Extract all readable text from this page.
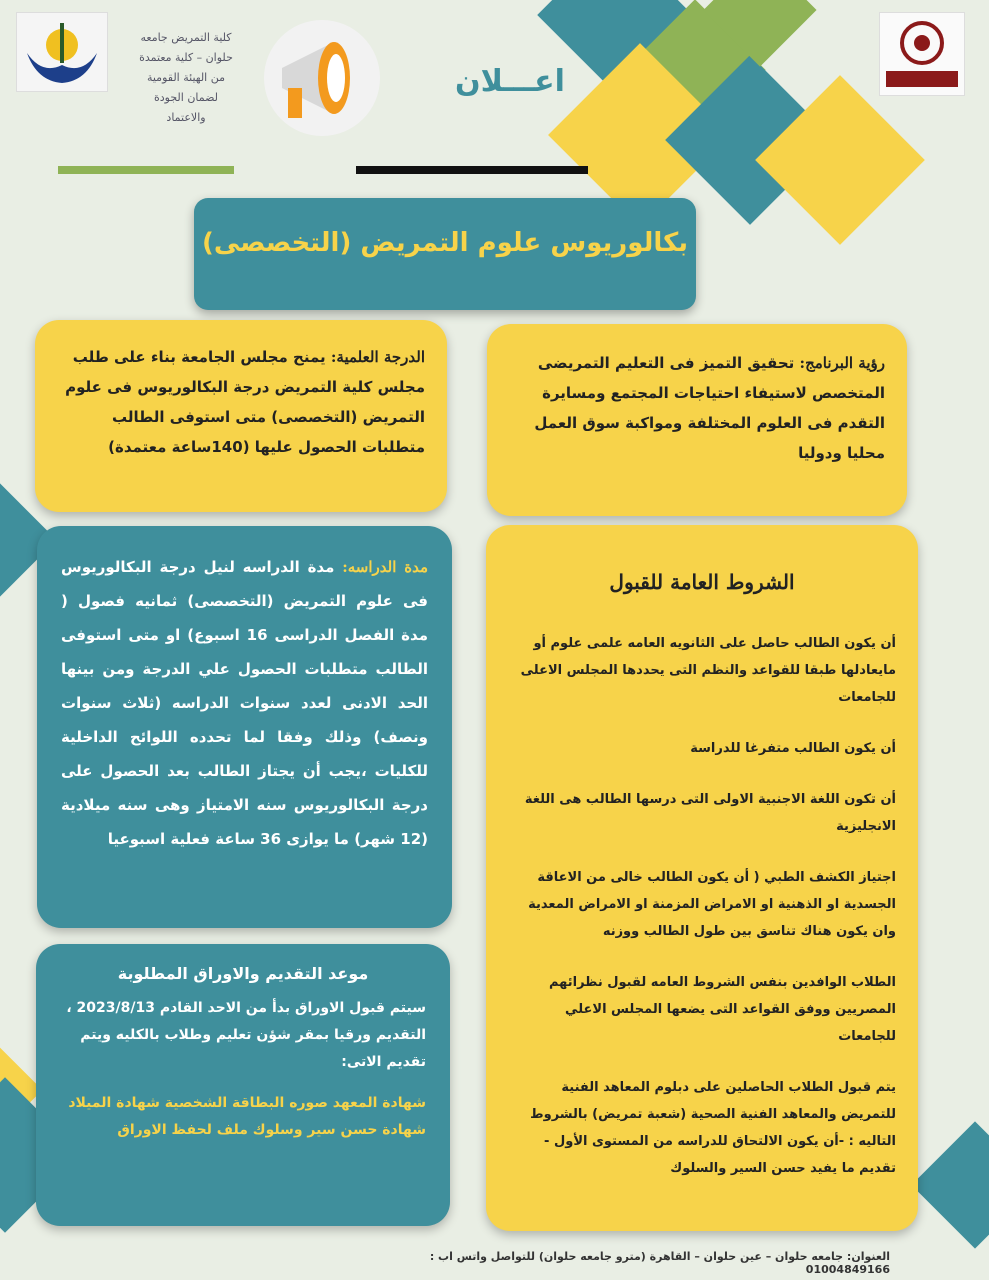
كلية التمريض جامعه
حلوان – كلية معتمدة
من الهيئة القومية
لضمان الجودة
والاعتماد
اعـــلان
بكالوريوس علوم التمريض (التخصصى)

رؤية البرنامج: تحقيق التميز فى التعليم التمريضى المتخصص لاستيفاء احتياجات المجتمع ومسايرة التقدم فى العلوم المختلفة ومواكبة سوق العمل محليا ودوليا

الدرجة العلمية: يمنح مجلس الجامعة بناء على طلب مجلس كلية التمريض درجة البكالوريوس فى علوم التمريض (التخصصى) متى استوفى الطالب متطلبات الحصول عليها (140ساعة معتمدة)

مدة الدراسه: مدة الدراسه لنيل درجة البكالوريوس فى علوم التمريض (التخصصى) ثمانيه فصول ( مدة الفصل الدراسى 16 اسبوع) او متى استوفى الطالب متطلبات الحصول علي الدرجة ومن بينها الحد الادنى لعدد سنوات الدراسه (ثلاث سنوات ونصف) وذلك وفقا لما تحدده اللوائح الداخلية للكليات ،يجب أن يجتاز الطالب بعد الحصول على درجة البكالوريوس سنه الامتياز وهى سنه ميلادية (12 شهر) ما يوازى 36 ساعة فعلية اسبوعيا

الشروط العامة للقبول
أن يكون الطالب حاصل على الثانويه العامه علمى علوم أو مايعادلها طبقا للقواعد والنظم التى يحددها المجلس الاعلى للجامعات
أن يكون الطالب متفرغا للدراسة
أن تكون اللغة الاجنبية الاولى التى درسها الطالب هى اللغة الانجليزية
اجتياز الكشف الطبي ( أن يكون الطالب خالى من الاعاقة الجسدية او الذهنية او الامراض المزمنة او الامراض المعدية وان يكون هناك تناسق بين طول الطالب ووزنه
الطلاب الوافدين بنفس الشروط العامه لقبول نظرائهم المصريين ووفق القواعد التى يضعها المجلس الاعلي للجامعات
يتم قبول الطلاب الحاصلين على دبلوم المعاهد الفنية للتمريض والمعاهد الفنية الصحية (شعبة تمريض) بالشروط التاليه : -أن يكون الالتحاق للدراسه من المستوى الأول - تقديم ما يفيد حسن السير والسلوك
موعد التقديم والاوراق المطلوبة

سيتم قبول الاوراق بدأ من الاحد القادم 2023/8/13 ، التقديم ورقيا بمقر شؤن تعليم وطلاب بالكليه ويتم تقديم الاتى:

شهادة المعهد صوره البطاقة الشخصية شهادة الميلاد شهادة حسن سير وسلوك ملف لحفظ الاوراق

العنوان: جامعه حلوان – عين حلوان – القاهرة (مترو جامعه حلوان) للتواصل واتس اب : 01004849166
